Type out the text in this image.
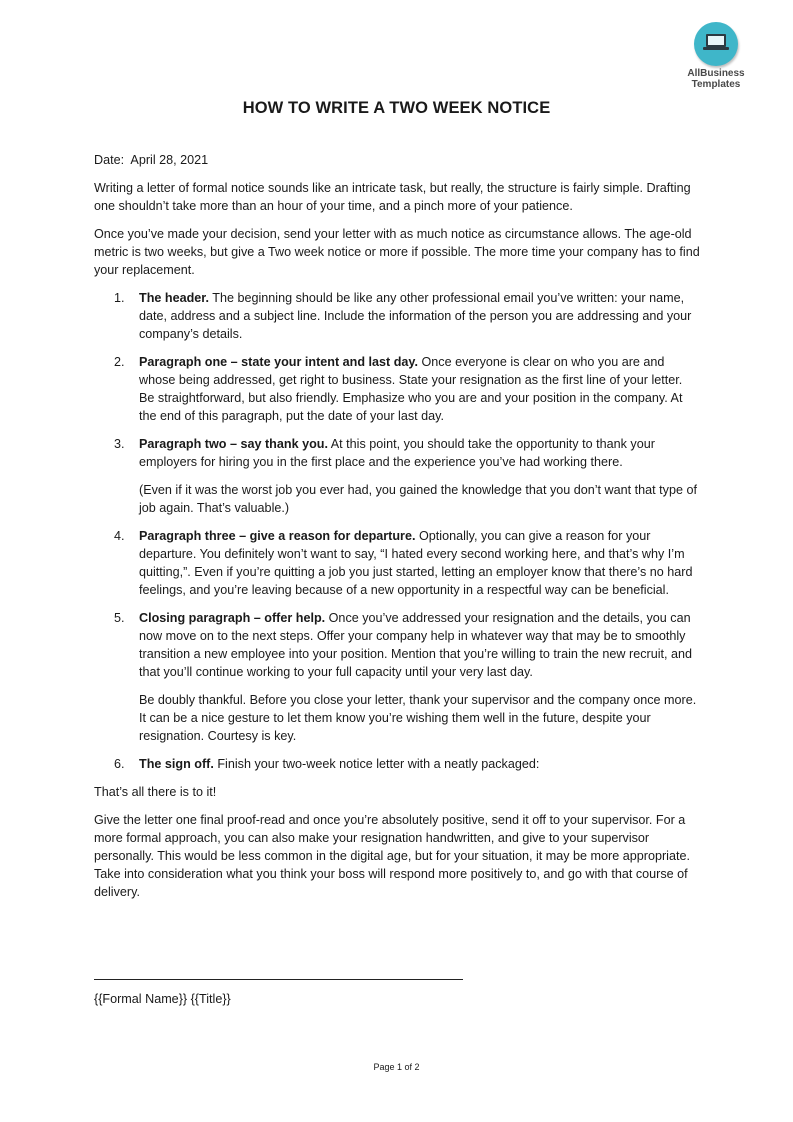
AllBusiness
Templates
HOW TO WRITE A TWO WEEK NOTICE

Date: April 28, 2021

Writing a letter of formal notice sounds like an intricate task, but really, the structure is fairly simple. Drafting one shouldn’t take more than an hour of your time, and a pinch more of your patience.

Once you’ve made your decision, send your letter with as much notice as circumstance allows. The age-old metric is two weeks, but give a Two week notice or more if possible. The more time your company has to find your replacement.

1. The header. The beginning should be like any other professional email you’ve written: your name, date, address and a subject line. Include the information of the person you are addressing and your company’s details.
2. Paragraph one – state your intent and last day. Once everyone is clear on who you are and whose being addressed, get right to business. State your resignation as the first line of your letter. Be straightforward, but also friendly. Emphasize who you are and your position in the company. At the end of this paragraph, put the date of your last day.
3. Paragraph two – say thank you. At this point, you should take the opportunity to thank your employers for hiring you in the first place and the experience you’ve had working there.

(Even if it was the worst job you ever had, you gained the knowledge that you don’t want that type of job again. That’s valuable.)

4. Paragraph three – give a reason for departure. Optionally, you can give a reason for your departure. You definitely won’t want to say, “I hated every second working here, and that’s why I’m quitting,”. Even if you’re quitting a job you just started, letting an employer know that there’s no hard feelings, and you’re leaving because of a new opportunity in a respectful way can be beneficial.
5. Closing paragraph – offer help. Once you’ve addressed your resignation and the details, you can now move on to the next steps. Offer your company help in whatever way that may be to smoothly transition a new employee into your position. Mention that you’re willing to train the new recruit, and that you’ll continue working to your full capacity until your very last day.

Be doubly thankful. Before you close your letter, thank your supervisor and the company once more. It can be a nice gesture to let them know you’re wishing them well in the future, despite your resignation. Courtesy is key.

6. The sign off. Finish your two-week notice letter with a neatly packaged:

That’s all there is to it!

Give the letter one final proof-read and once you’re absolutely positive, send it off to your supervisor. For a more formal approach, you can also make your resignation handwritten, and give to your supervisor personally. This would be less common in the digital age, but for your situation, it may be more appropriate. Take into consideration what you think your boss will respond more positively to, and go with that course of delivery.

{{Formal Name}} {{Title}}
Page 1 of 2
